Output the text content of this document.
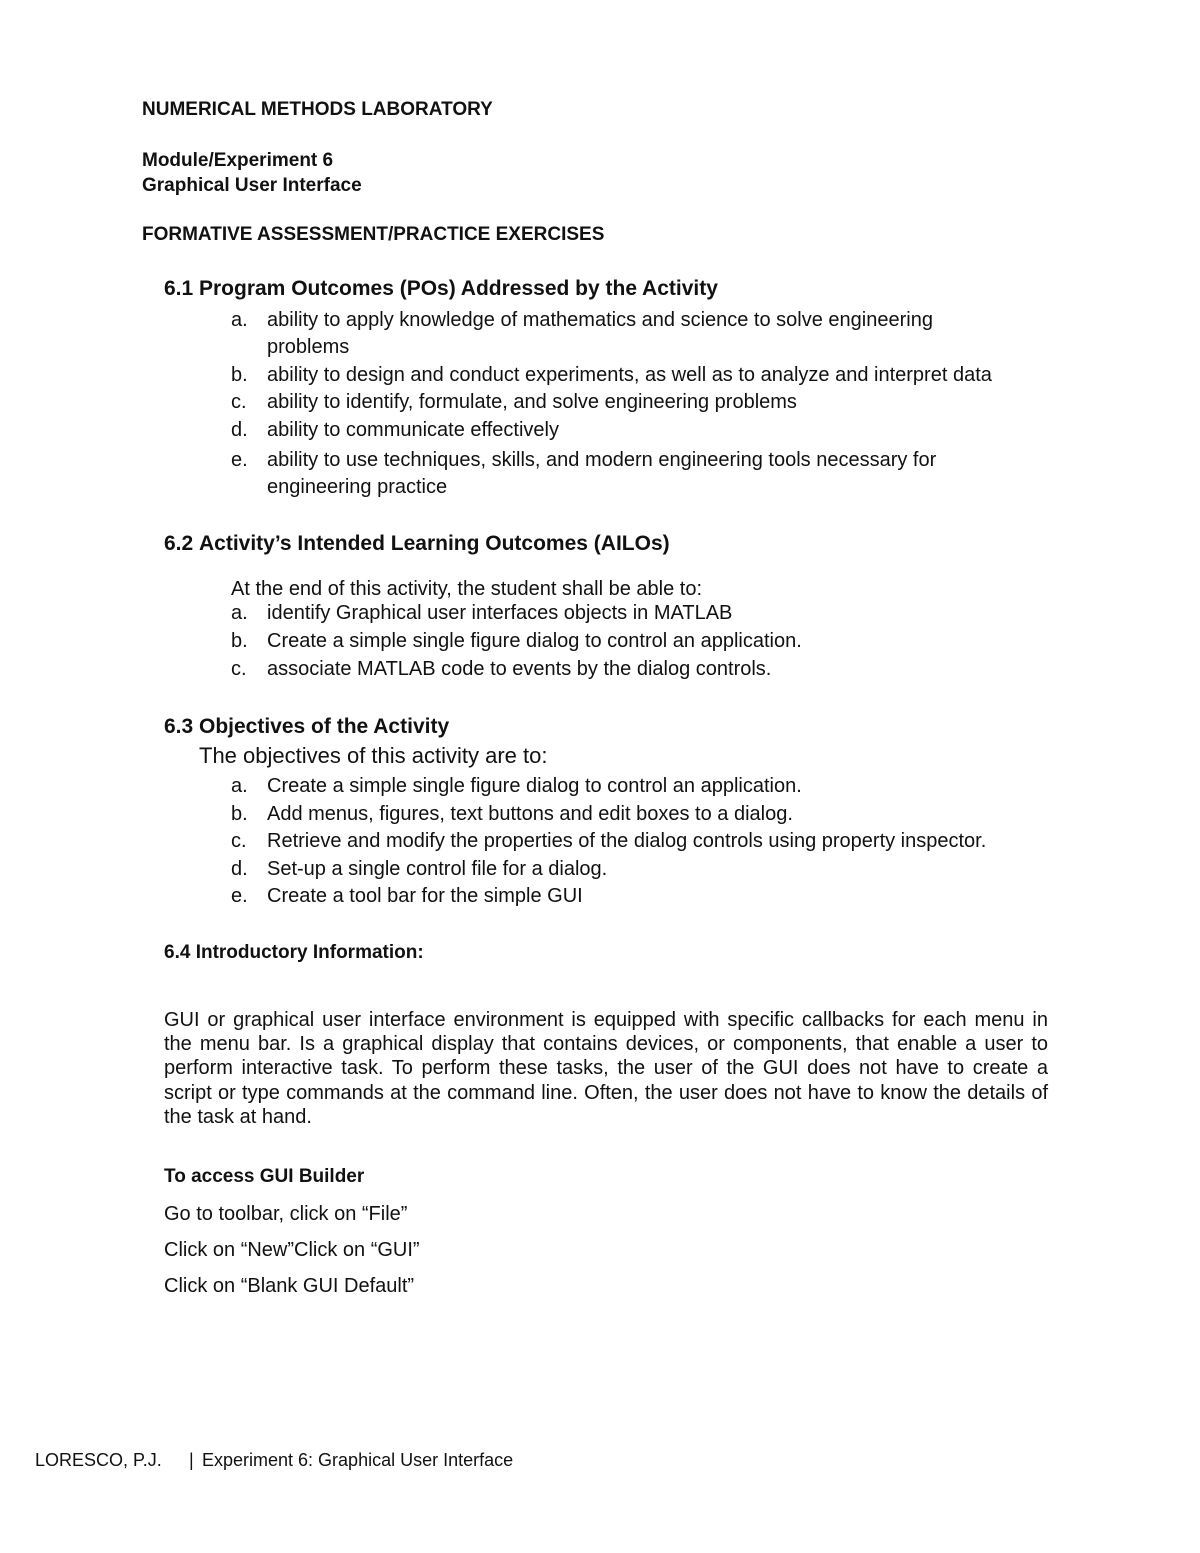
NUMERICAL METHODS LABORATORY
Module/Experiment 6
Graphical User Interface
FORMATIVE ASSESSMENT/PRACTICE EXERCISES
6.1 Program Outcomes (POs) Addressed by the Activity
a. ability to apply knowledge of mathematics and science to solve engineering
problems
b. ability to design and conduct experiments, as well as to analyze and interpret data
c. ability to identify, formulate, and solve engineering problems
d. ability to communicate effectively
e. ability to use techniques, skills, and modern engineering tools necessary for
engineering practice
6.2 Activity’s Intended Learning Outcomes (AILOs)
At the end of this activity, the student shall be able to:
a. identify Graphical user interfaces objects in MATLAB
b. Create a simple single figure dialog to control an application.
c. associate MATLAB code to events by the dialog controls.
6.3 Objectives of the Activity
The objectives of this activity are to:
a. Create a simple single figure dialog to control an application.
b. Add menus, figures, text buttons and edit boxes to a dialog.
c. Retrieve and modify the properties of the dialog controls using property inspector.
d. Set-up a single control file for a dialog.
e. Create a tool bar for the simple GUI
6.4 Introductory Information:
GUI or graphical user interface environment is equipped with specific callbacks for each menu in the menu bar. Is a graphical display that contains devices, or components, that enable a user to perform interactive task. To perform these tasks, the user of the GUI does not have to create a script or type commands at the command line. Often, the user does not have to know the details of the task at hand.
To access GUI Builder
Go to toolbar, click on “File”
Click on “New”Click on “GUI”
Click on “Blank GUI Default”
LORESCO, P.J. | Experiment 6: Graphical User Interface
